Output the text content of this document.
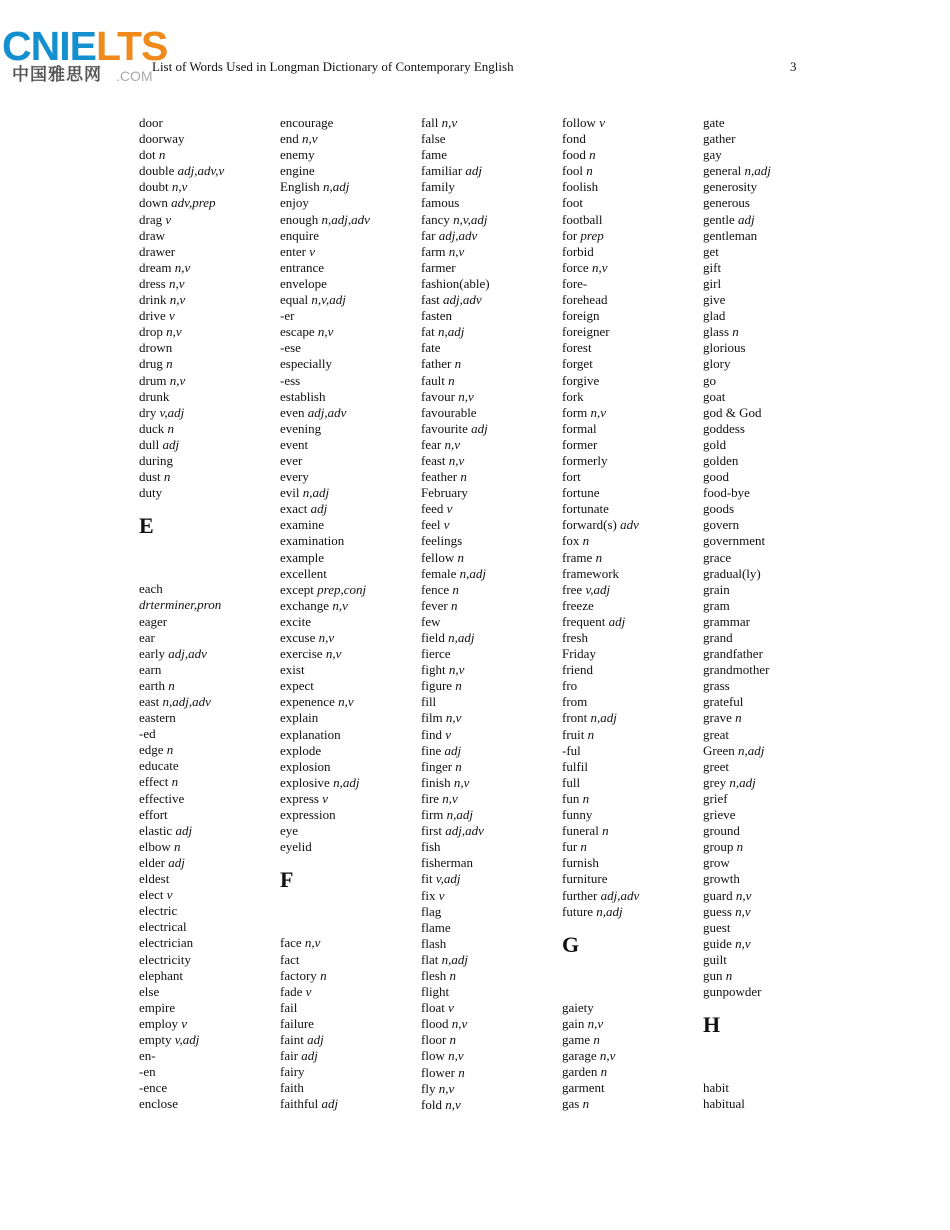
CNIELTS
中国雅思网 .COM
List of Words Used in Longman Dictionary of Contemporary English	3
door
doorway
dot n
double adj,adv,v
doubt n,v
down adv,prep
drag v
draw
drawer
dream n,v
dress n,v
drink n,v
drive v
drop n,v
drown
drug n
drum n,v
drunk
dry v,adj
duck n
dull adj
during
dust n
duty
E
each
drterminer,pron
eager
ear
early adj,adv
earn
earth n
east n,adj,adv
eastern
-ed
edge n
educate
effect n
effective
effort
elastic adj
elbow n
elder adj
eldest
elect v
electric
electrical
electrician
electricity
elephant
else
empire
employ v
empty v,adj
en-
-en
-ence
enclose
encourage
end n,v
enemy
engine
English n,adj
enjoy
enough n,adj,adv
enquire
enter v
entrance
envelope
equal n,v,adj
-er
escape n,v
-ese
especially
-ess
establish
even adj,adv
evening
event
ever
every
evil n,adj
exact adj
examine
examination
example
excellent
except prep,conj
exchange n,v
excite
excuse n,v
exercise n,v
exist
expect
expenence n,v
explain
explanation
explode
explosion
explosive n,adj
express v
expression
eye
eyelid
F
face n,v
fact
factory n
fade v
fail
failure
faint adj
fair adj
fairy
faith
faithful adj
fall n,v
false
fame
familiar adj
family
famous
fancy n,v,adj
far adj,adv
farm n,v
farmer
fashion(able)
fast adj,adv
fasten
fat n,adj
fate
father n
fault n
favour n,v
favourable
favourite adj
fear n,v
feast n,v
feather n
February
feed v
feel v
feelings
fellow n
female n,adj
fence n
fever n
few
field n,adj
fierce
fight n,v
figure n
fill
film n,v
find v
fine adj
finger n
finish n,v
fire n,v
firm n,adj
first adj,adv
fish
fisherman
fit v,adj
fix v
flag
flame
flash
flat n,adj
flesh n
flight
float v
flood n,v
floor n
flow n,v
flower n
fly n,v
fold n,v
follow v
fond
food n
fool n
foolish
foot
football
for prep
forbid
force n,v
fore-
forehead
foreign
foreigner
forest
forget
forgive
fork
form n,v
formal
former
formerly
fort
fortune
fortunate
forward(s) adv
fox n
frame n
framework
free v,adj
freeze
frequent adj
fresh
Friday
friend
fro
from
front n,adj
fruit n
-ful
fulfil
full
fun n
funny
funeral n
fur n
furnish
furniture
further adj,adv
future n,adj
G
gaiety
gain n,v
game n
garage n,v
garden n
garment
gas n
gate
gather
gay
general n,adj
generosity
generous
gentle adj
gentleman
get
gift
girl
give
glad
glass n
glorious
glory
go
goat
god & God
goddess
gold
golden
good
food-bye
goods
govern
government
grace
gradual(ly)
grain
gram
grammar
grand
grandfather
grandmother
grass
grateful
grave n
great
Green n,adj
greet
grey n,adj
grief
grieve
ground
group n
grow
growth
guard n,v
guess n,v
guest
guide n,v
guilt
gun n
gunpowder
H
habit
habitual
